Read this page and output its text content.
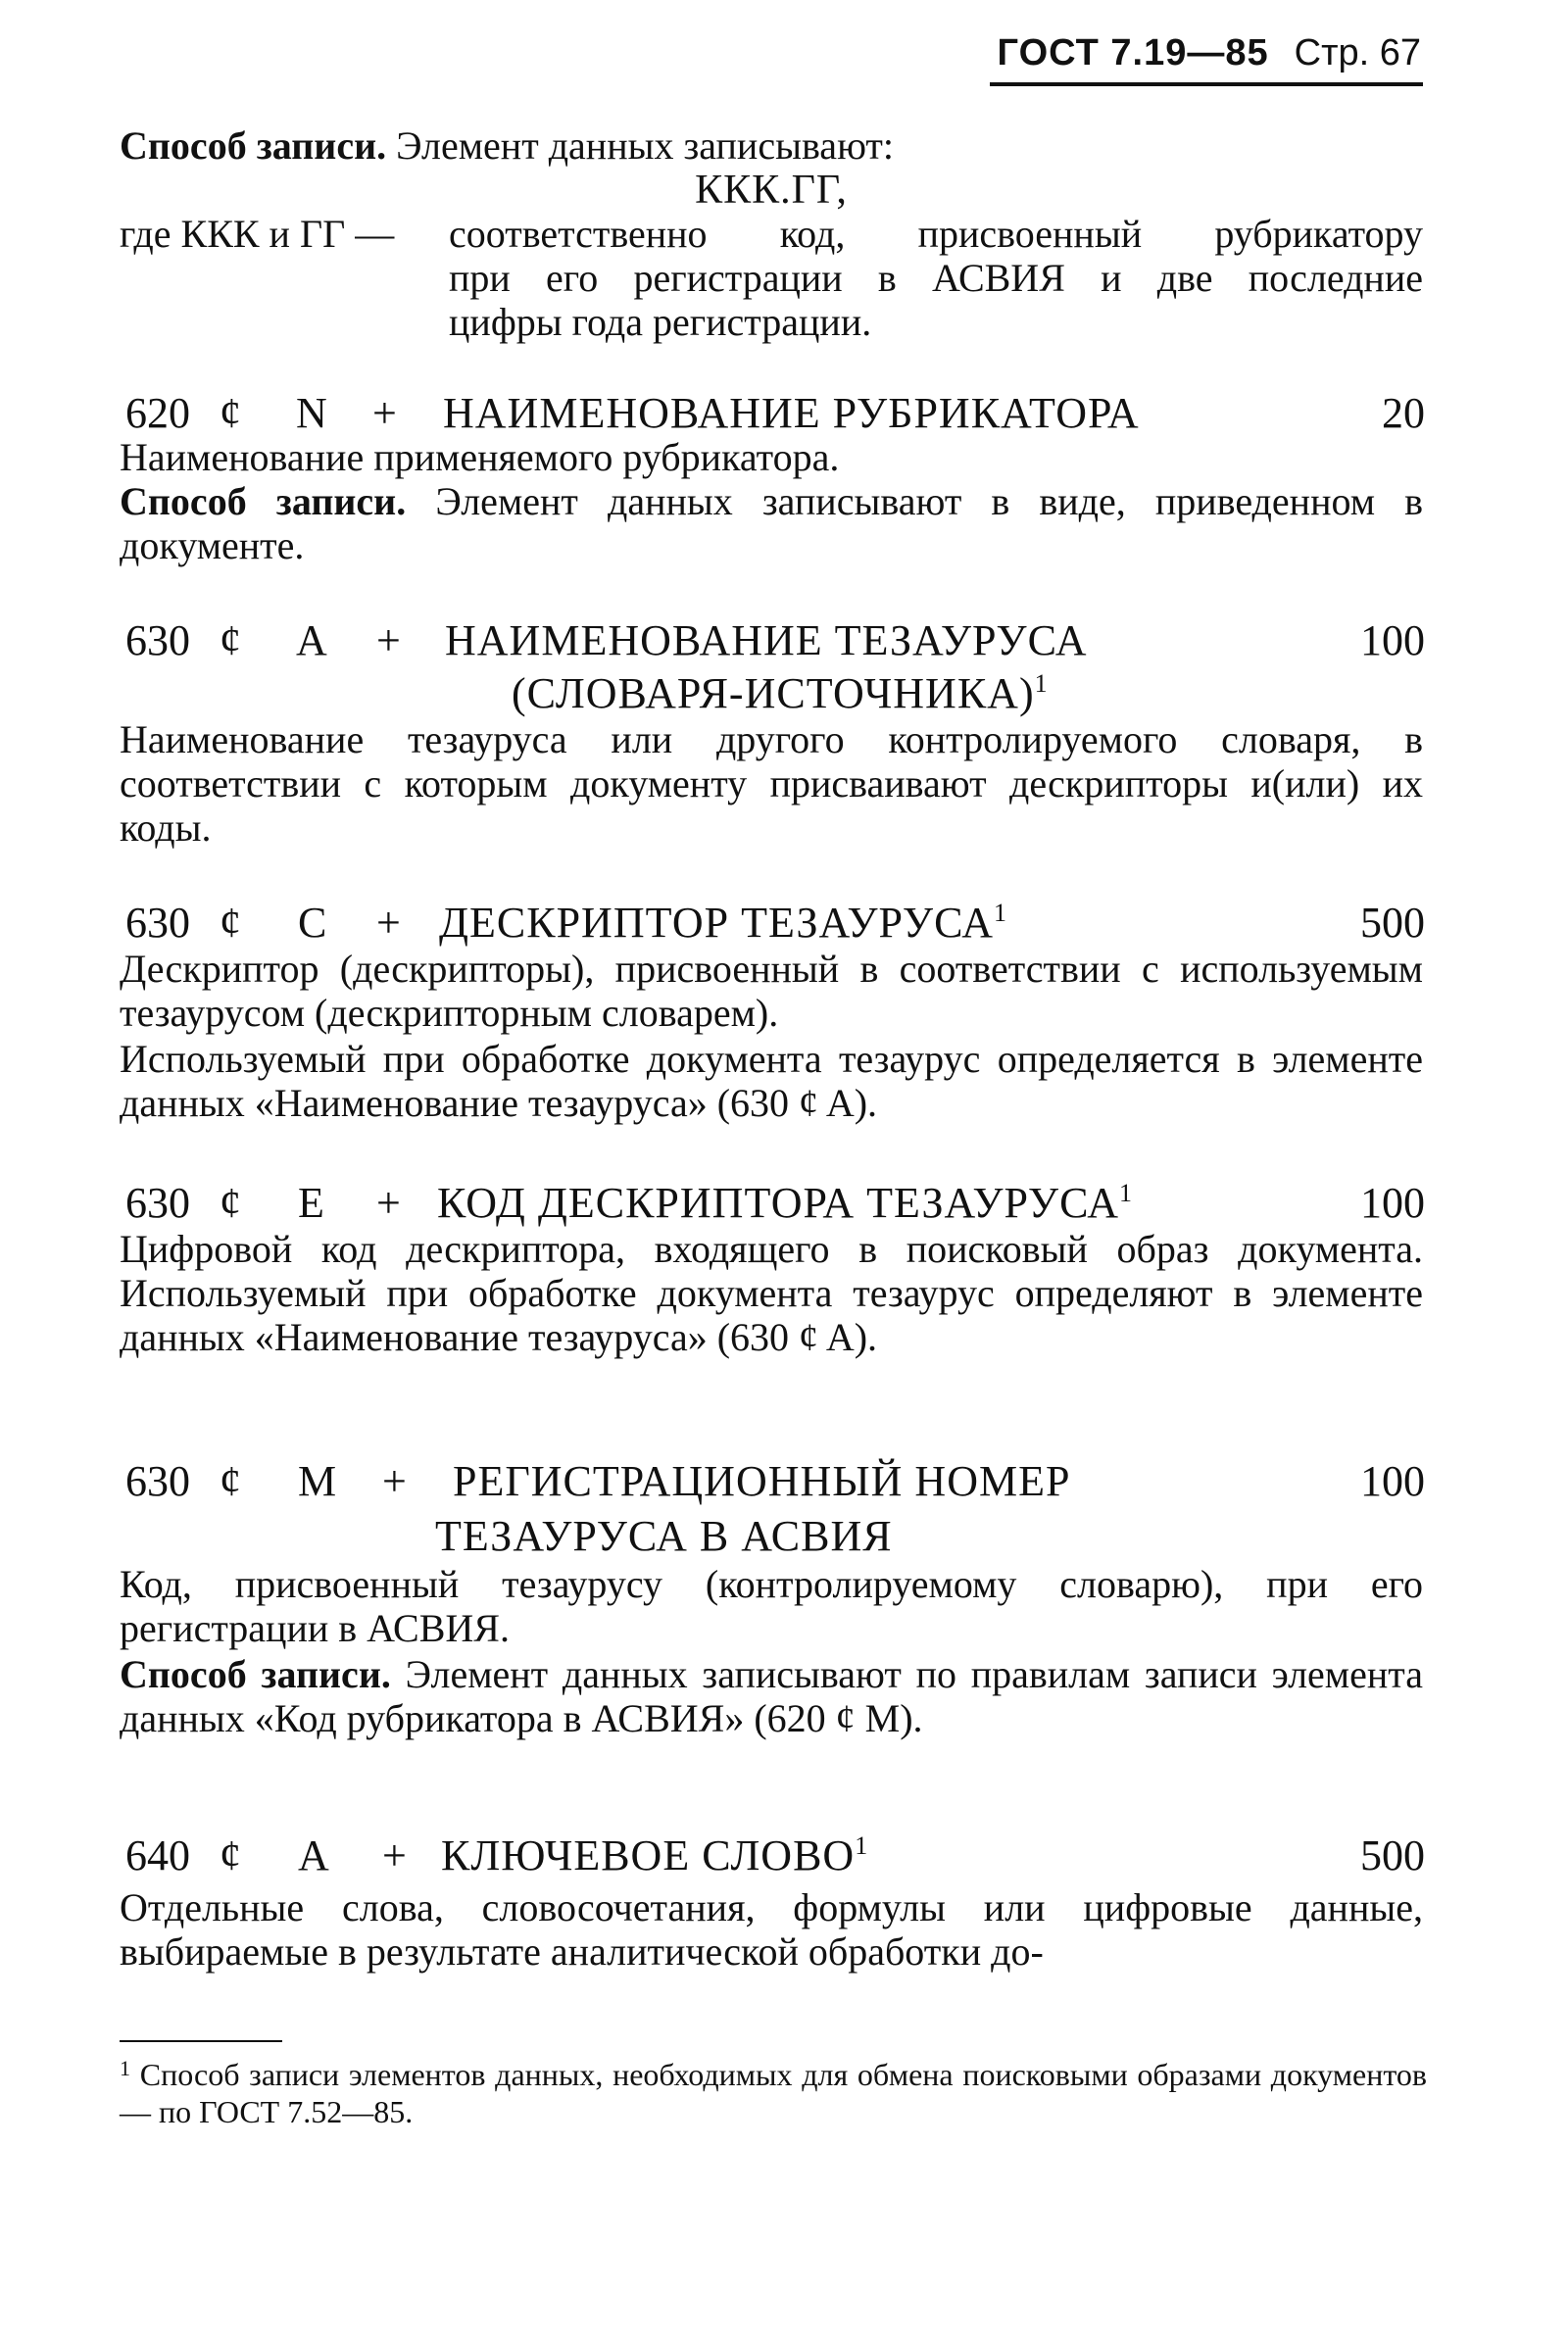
ГОСТ 7.19—85 Стр. 67

Способ записи. Элемент данных записывают:

ККК.ГГ,

где ККК и ГГ —	соответственно код, присвоенный рубрикатору

при его регистрации в АСВИЯ и две последние

цифры года регистрации.

620 ȼ N + НАИМЕНОВАНИЕ РУБРИКАТОРА	20

Наименование применяемого рубрикатора.

Способ записи. Элемент данных записывают в виде, приведенном в документе.

630 ȼ A + НАИМЕНОВАНИЕ ТЕЗАУРУСА	100
(СЛОВАРЯ-ИСТОЧНИКА)$^1$

Наименование тезауруса или другого контролируемого словаря, в соответствии с которым документу присваивают дескрипторы и(или) их коды.

630 ȼ C + ДЕСКРИПТОР ТЕЗАУРУСА$^1$	500

Дескриптор (дескрипторы), присвоенный в соответствии с используемым тезаурусом (дескрипторным словарем).

Используемый при обработке документа тезаурус определяется в элементе данных «Наименование тезауруса» (630 ȼ A).

630 ȼ E + КОД ДЕСКРИПТОРА ТЕЗАУРУСА$^1$	100

Цифровой код дескриптора, входящего в поисковый образ документа. Используемый при обработке документа тезаурус определяют в элементе данных «Наименование тезауруса» (630 ȼ A).

630 ȼ M + РЕГИСТРАЦИОННЫЙ НОМЕР	100
ТЕЗАУРУСА В АСВИЯ

Код, присвоенный тезаурусу (контролируемому словарю), при его регистрации в АСВИЯ.

Способ записи. Элемент данных записывают по правилам записи элемента данных «Код рубрикатора в АСВИЯ» (620 ȼ M).

640 ȼ A + КЛЮЧЕВОЕ СЛОВО$^1$	500

Отдельные слова, словосочетания, формулы или цифровые данные, выбираемые в результате аналитической обработки до-

$^1$ Способ записи элементов данных, необходимых для обмена поисковыми образами документов — по ГОСТ 7.52—85.
